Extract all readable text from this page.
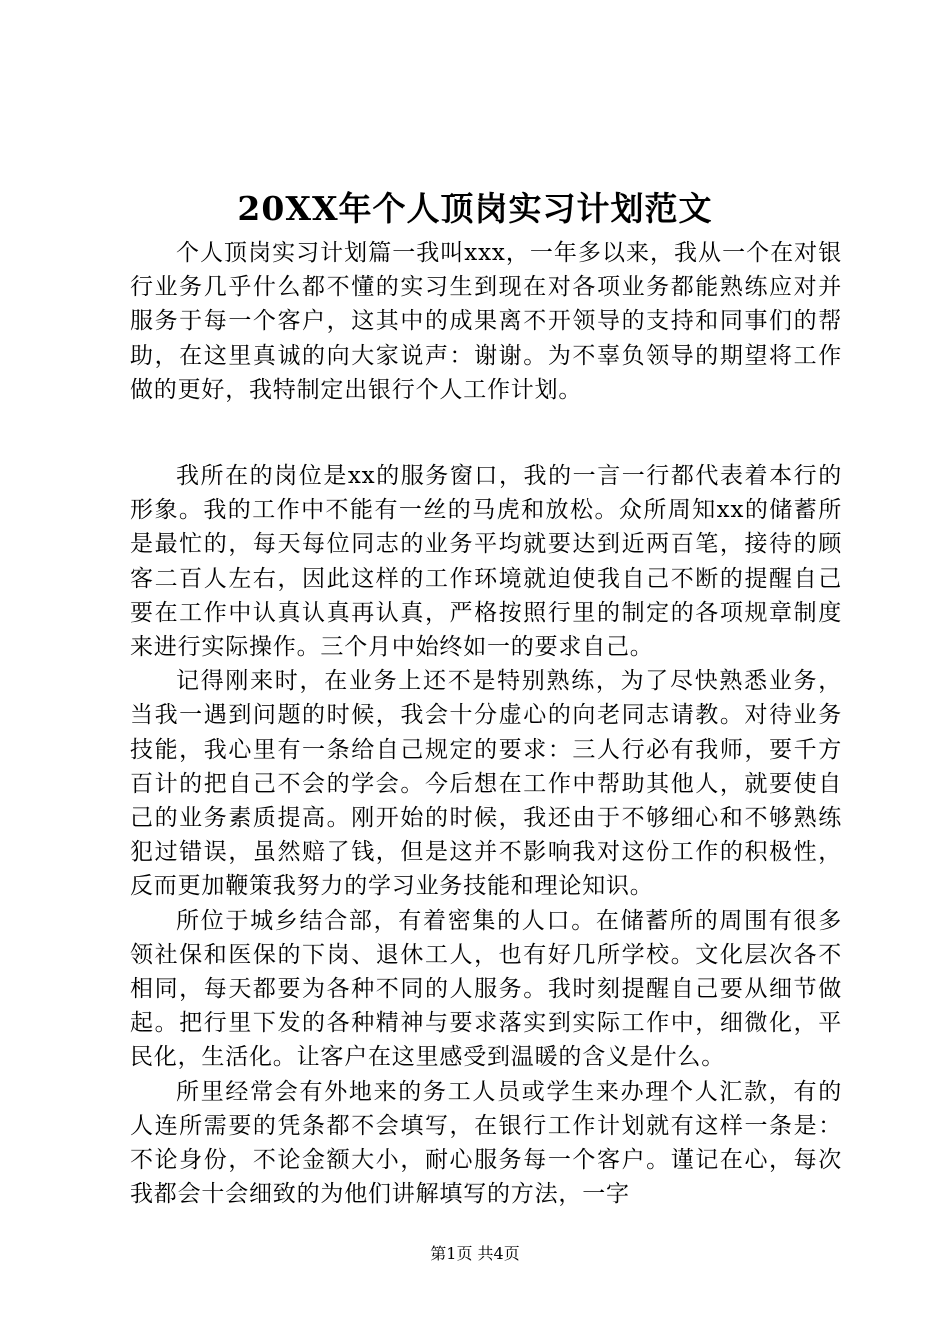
20XX年个人顶岗实习计划范文

个人顶岗实习计划篇一我叫xxx，一年多以来，我从一个在对银行业务几乎什么都不懂的实习生到现在对各项业务都能熟练应对并服务于每一个客户，这其中的成果离不开领导的支持和同事们的帮助，在这里真诚的向大家说声：谢谢。为不辜负领导的期望将工作做的更好，我特制定出银行个人工作计划。

我所在的岗位是xx的服务窗口，我的一言一行都代表着本行的形象。我的工作中不能有一丝的马虎和放松。众所周知xx的储蓄所是最忙的，每天每位同志的业务平均就要达到近两百笔，接待的顾客二百人左右，因此这样的工作环境就迫使我自己不断的提醒自己要在工作中认真认真再认真，严格按照行里的制定的各项规章制度来进行实际操作。三个月中始终如一的要求自己。

记得刚来时，在业务上还不是特别熟练，为了尽快熟悉业务，当我一遇到问题的时候，我会十分虚心的向老同志请教。对待业务技能，我心里有一条给自己规定的要求：三人行必有我师，要千方百计的把自己不会的学会。今后想在工作中帮助其他人，就要使自己的业务素质提高。刚开始的时候，我还由于不够细心和不够熟练犯过错误，虽然赔了钱，但是这并不影响我对这份工作的积极性，反而更加鞭策我努力的学习业务技能和理论知识。

所位于城乡结合部，有着密集的人口。在储蓄所的周围有很多领社保和医保的下岗、退休工人，也有好几所学校。文化层次各不相同，每天都要为各种不同的人服务。我时刻提醒自己要从细节做起。把行里下发的各种精神与要求落实到实际工作中，细微化，平民化，生活化。让客户在这里感受到温暖的含义是什么。

所里经常会有外地来的务工人员或学生来办理个人汇款，有的人连所需要的凭条都不会填写，在银行工作计划就有这样一条是：不论身份，不论金额大小，耐心服务每一个客户。谨记在心，每次我都会十会细致的为他们讲解填写的方法，一字

第1页 共4页
